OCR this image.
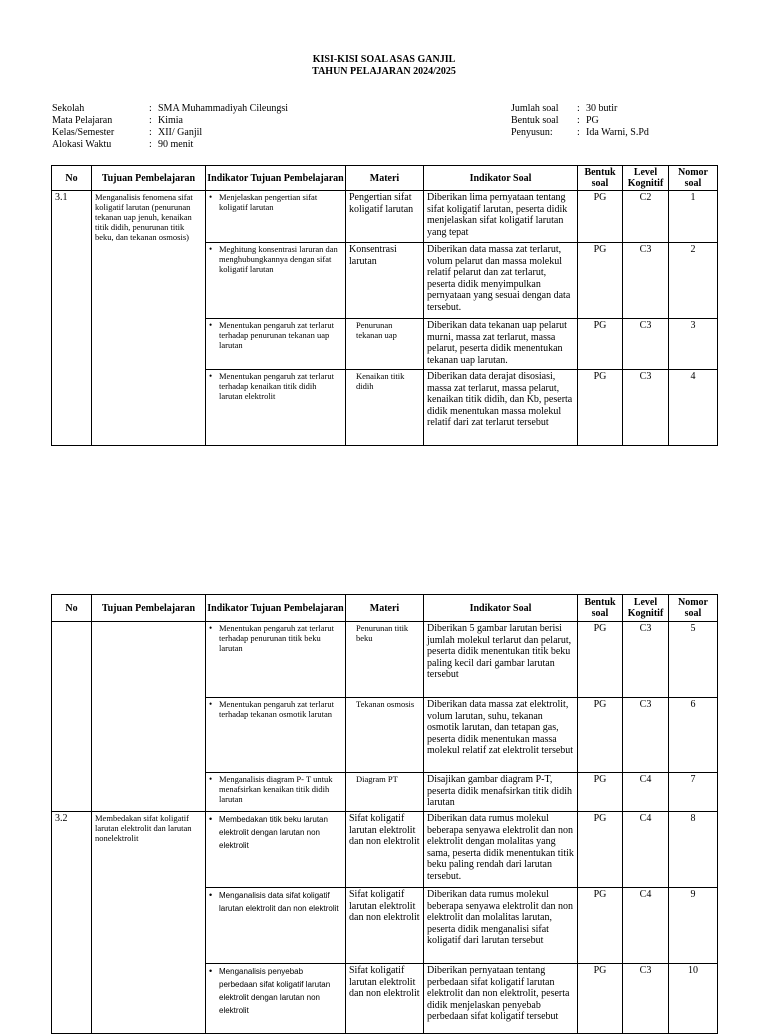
KISI-KISI SOAL ASAS GANJIL
TAHUN PELAJARAN 2024/2025
Sekolah	: SMA Muhammadiyah Cileungsi
Mata Pelajaran	: Kimia
Kelas/Semester	: XII/ Ganjil
Alokasi Waktu	: 90 menit
Jumlah soal	: 30 butir
Bentuk soal	: PG
Penyusun:	: Ida Warni, S.Pd
No	Tujuan Pembelajaran	Indikator Tujuan Pembelajaran	Materi	Indikator Soal	Bentuk soal	Level Kognitif	Nomor soal
3.1	Menganalisis fenomena sifat koligatif larutan (penurunan tekanan uap jenuh, kenaikan titik didih, penurunan titik beku, dan tekanan osmosis)	• Menjelaskan pengertian sifat koligatif larutan	Pengertian sifat koligatif larutan	Diberikan lima pernyataan tentang sifat koligatif larutan, peserta didik menjelaskan sifat koligatif larutan yang tepat	PG	C2	1

		• Meghitung konsentrasi laruran dan menghubungkannya dengan sifat koligatif larutan	Konsentrasi larutan	Diberikan data massa zat terlarut, volum pelarut dan massa molekul relatif pelarut dan zat terlarut, peserta didik menyimpulkan pernyataan yang sesuai dengan data tersebut.	PG	C3	2

		• Menentukan pengaruh zat terlarut terhadap penurunan tekanan uap larutan	Penurunan tekanan uap	Diberikan data tekanan uap pelarut murni, massa zat terlarut, massa pelarut, peserta didik menentukan tekanan uap larutan.	PG	C3	3

		• Menentukan pengaruh zat terlarut terhadap kenaikan titik didih larutan elektrolit	Kenaikan titik didih	Diberikan data derajat disosiasi, massa zat terlarut, massa pelarut, kenaikan titik didih, dan Kb, peserta didik menentukan massa molekul relatif dari zat terlarut tersebut	PG	C3	4
No	Tujuan Pembelajaran	Indikator Tujuan Pembelajaran	Materi	Indikator Soal	Bentuk soal	Level Kognitif	Nomor soal

		• Menentukan pengaruh zat terlarut terhadap penurunan titik beku larutan	Penurunan titik beku	Diberikan 5 gambar larutan berisi jumlah molekul terlarut dan pelarut, peserta didik menentukan titik beku paling kecil dari gambar larutan tersebut	PG	C3	5

		• Menentukan pengaruh zat terlarut terhadap tekanan osmotik larutan	Tekanan osmosis	Diberikan data massa zat elektrolit, volum larutan, suhu, tekanan osmotik larutan, dan tetapan gas, peserta didik menentukan massa molekul relatif zat elektrolit tersebut	PG	C3	6

		• Menganalisis diagram P- T untuk menafsirkan kenaikan titik didih larutan	Diagram PT	Disajikan gambar diagram P-T, peserta didik menafsirkan titik didih larutan	PG	C4	7
3.2	Membedakan sifat koligatif larutan elektrolit dan larutan nonelektrolit	• Membedakan titik beku larutan elektrolit dengan larutan non elektrolit	Sifat koligatif larutan elektrolit dan non elektrolit	Diberikan data rumus molekul beberapa senyawa elektrolit dan non elektrolit dengan molalitas yang sama, peserta didik menentukan titik beku paling rendah dari larutan tersebut.	PG	C4	8

		• Menganalisis data sifat koligatif larutan elektrolit dan non elektrolit	Sifat koligatif larutan elektrolit dan non elektrolit	Diberikan data rumus molekul beberapa senyawa elektrolit dan non elektrolit dan molalitas larutan, peserta didik menganalisi sifat koligatif dari larutan tersebut	PG	C4	9

		• Menganalisis penyebab perbedaan sifat koligatif larutan elektrolit dengan larutan non elektrolit	Sifat koligatif larutan elektrolit dan non elektrolit	Diberikan pernyataan tentang perbedaan sifat koligatif larutan elektrolit dan non elektrolit, peserta didik menjelaskan penyebab perbedaan sifat koligatif tersebut	PG	C3	10
